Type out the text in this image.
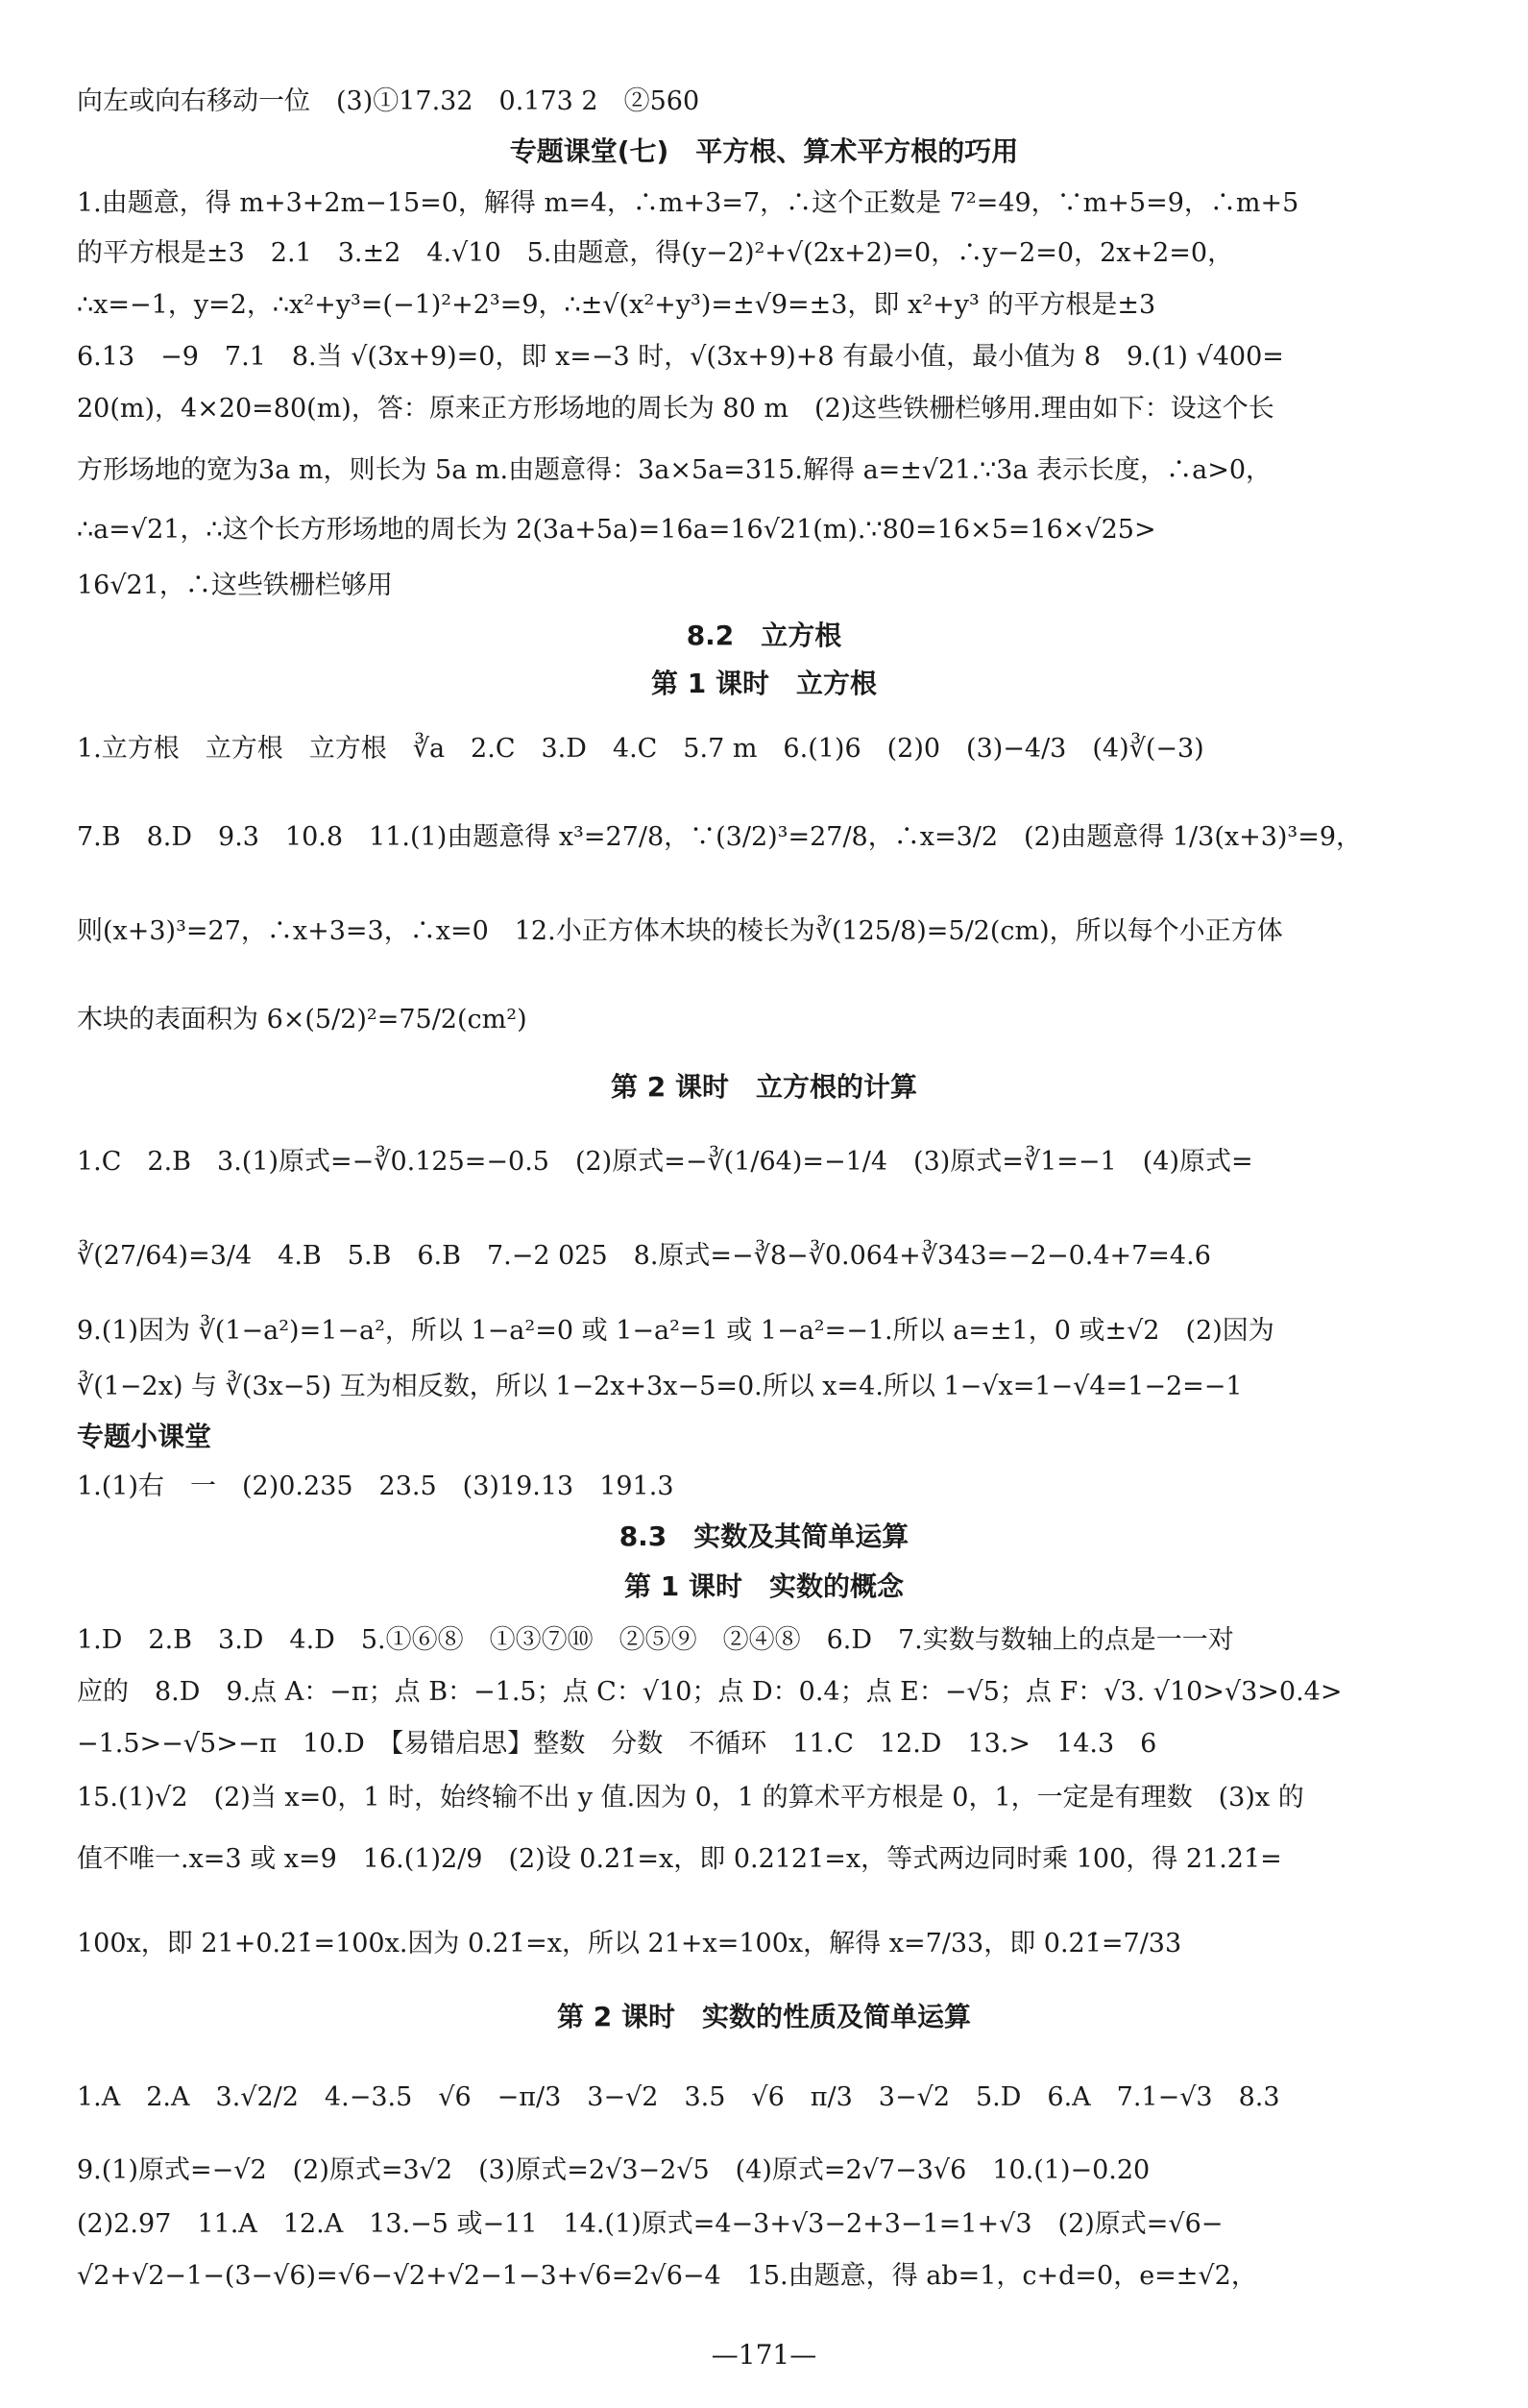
向左或向右移动一位　(3)①17.32　0.173 2　②560
专题课堂(七)　平方根、算术平方根的巧用
1.由题意，得 m+3+2m−15=0，解得 m=4，∴m+3=7，∴这个正数是 7²=49，∵m+5=9，∴m+5
的平方根是±3　2.1　3.±2　4.√10　5.由题意，得(y−2)²+√(2x+2)=0，∴y−2=0，2x+2=0，
∴x=−1，y=2，∴x²+y³=(−1)²+2³=9，∴±√(x²+y³)=±√9=±3，即 x²+y³ 的平方根是±3
6.13　−9　7.1　8.当 √(3x+9)=0，即 x=−3 时，√(3x+9)+8 有最小值，最小值为 8　9.(1) √400=
20(m)，4×20=80(m)，答：原来正方形场地的周长为 80 m　(2)这些铁栅栏够用.理由如下：设这个长
方形场地的宽为3a m，则长为 5a m.由题意得：3a×5a=315.解得 a=±√21.∵3a 表示长度，∴a>0，
∴a=√21，∴这个长方形场地的周长为 2(3a+5a)=16a=16√21(m).∵80=16×5=16×√25>
16√21，∴这些铁栅栏够用
8.2　立方根
第 1 课时　立方根
1.立方根　立方根　立方根　∛a　2.C　3.D　4.C　5.7 m　6.(1)6　(2)0　(3)−4/3　(4)∛(−3)
7.B　8.D　9.3　10.8　11.(1)由题意得 x³=27/8，∵(3/2)³=27/8，∴x=3/2　(2)由题意得 1/3(x+3)³=9，
则(x+3)³=27，∴x+3=3，∴x=0　12.小正方体木块的棱长为∛(125/8)=5/2(cm)，所以每个小正方体
木块的表面积为 6×(5/2)²=75/2(cm²)
第 2 课时　立方根的计算
1.C　2.B　3.(1)原式=−∛0.125=−0.5　(2)原式=−∛(1/64)=−1/4　(3)原式=∛1=−1　(4)原式=
∛(27/64)=3/4　4.B　5.B　6.B　7.−2 025　8.原式=−∛8−∛0.064+∛343=−2−0.4+7=4.6
9.(1)因为 ∛(1−a²)=1−a²，所以 1−a²=0 或 1−a²=1 或 1−a²=−1.所以 a=±1，0 或±√2　(2)因为
∛(1−2x) 与 ∛(3x−5) 互为相反数，所以 1−2x+3x−5=0.所以 x=4.所以 1−√x=1−√4=1−2=−1
专题小课堂
1.(1)右　一　(2)0.235　23.5　(3)19.13　191.3
8.3　实数及其简单运算
第 1 课时　实数的概念
1.D　2.B　3.D　4.D　5.①⑥⑧　①③⑦⑩　②⑤⑨　②④⑧　6.D　7.实数与数轴上的点是一一对
应的　8.D　9.点 A：−π；点 B：−1.5；点 C：√10；点 D：0.4；点 E：−√5；点 F：√3. √10>√3>0.4>
−1.5>−√5>−π　10.D　【易错启思】整数　分数　不循环　11.C　12.D　13.>　14.3　6
15.(1)√2　(2)当 x=0，1 时，始终输不出 y 值.因为 0，1 的算术平方根是 0，1，一定是有理数　(3)x 的
值不唯一.x=3 或 x=9　16.(1)2/9　(2)设 0.2̇1̇=x，即 0.2121̇=x，等式两边同时乘 100，得 21.2̇1̇=
100x，即 21+0.2̇1̇=100x.因为 0.2̇1̇=x，所以 21+x=100x，解得 x=7/33，即 0.2̇1̇=7/33
第 2 课时　实数的性质及简单运算
1.A　2.A　3.√2/2　4.−3.5　√6　−π/3　3−√2　3.5　√6　π/3　3−√2　5.D　6.A　7.1−√3　8.3
9.(1)原式=−√2　(2)原式=3√2　(3)原式=2√3−2√5　(4)原式=2√7−3√6　10.(1)−0.20
(2)2.97　11.A　12.A　13.−5 或−11　14.(1)原式=4−3+√3−2+3−1=1+√3　(2)原式=√6−
√2+√2−1−(3−√6)=√6−√2+√2−1−3+√6=2√6−4　15.由题意，得 ab=1，c+d=0，e=±√2，
—171—
